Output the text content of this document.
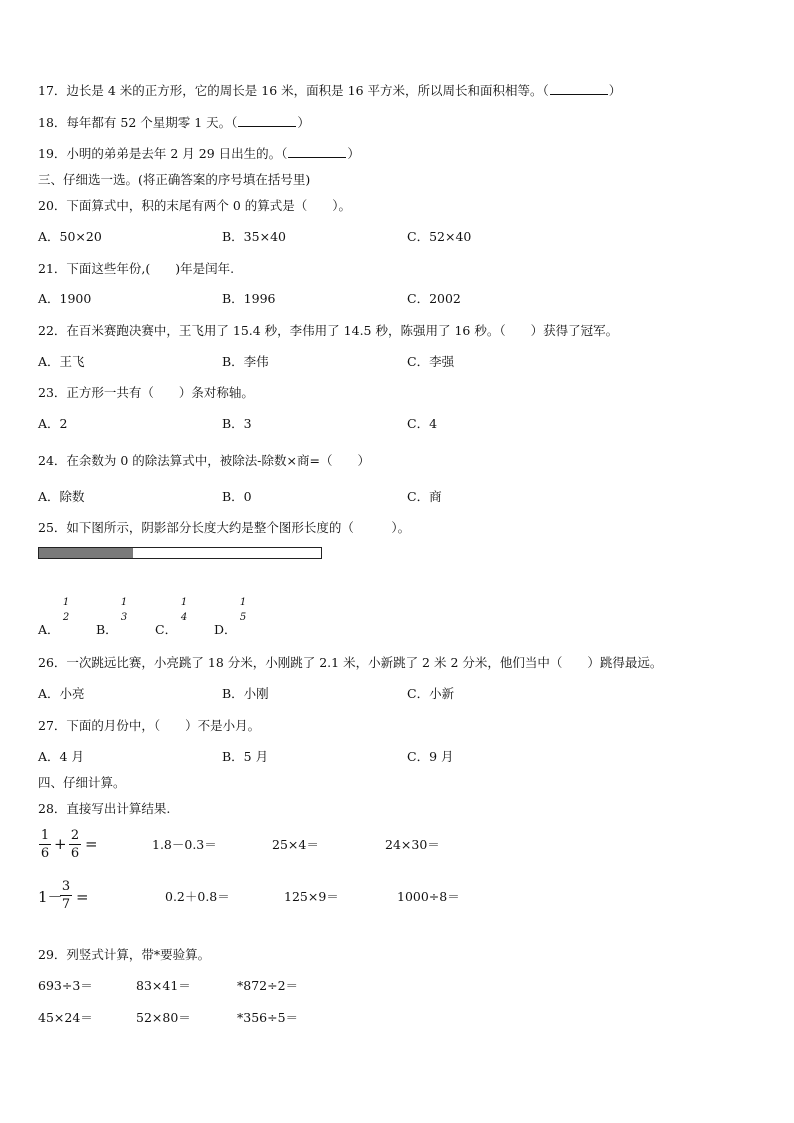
17．边长是 4 米的正方形，它的周长是 16 米，面积是 16 平方米，所以周长和面积相等。（	）
18．每年都有 52 个星期零 1 天。（	）
19．小明的弟弟是去年 2 月 29 日出生的。（	）
三、仔细选一选。(将正确答案的序号填在括号里)
20．下面算式中，积的末尾有两个 0 的算式是（　　）。
A．50×20	B．35×40	C．52×40
21．下面这些年份,(　　)年是闰年.
A．1900	B．1996	C．2002
22．在百米赛跑决赛中，王飞用了 15.4 秒，李伟用了 14.5 秒，陈强用了 16 秒。（　　）获得了冠军。
A．王飞	B．李伟	C．李强
23．正方形一共有（　　）条对称轴。
A．2	B．3	C．4
24．在余数为 0 的除法算式中，被除法-除数×商=（　　）
A．除数	B．0	C．商
25．如下图所示，阴影部分长度大约是整个图形长度的（　　　）。
A．
1
2
B．
1
3
C．
1
4
D．
1
5
26．一次跳远比赛，小亮跳了 18 分米，小刚跳了 2.1 米，小新跳了 2 米 2 分米，他们当中（　　）跳得最远。
A．小亮	B．小刚	C．小新
27．下面的月份中，（　　）不是小月。
A．4 月	B．5 月	C．9 月
四、仔细计算。
28．直接写出计算结果.
1
6
+ 2
6
=	1.8－0.3＝	25×4＝	24×30＝
1－
3
7 =	0.2＋0.8＝	125×9＝	1000÷8＝
29．列竖式计算，带*要验算。
693÷3＝	83×41＝	*872÷2＝
45×24＝	52×80＝	*356÷5＝
